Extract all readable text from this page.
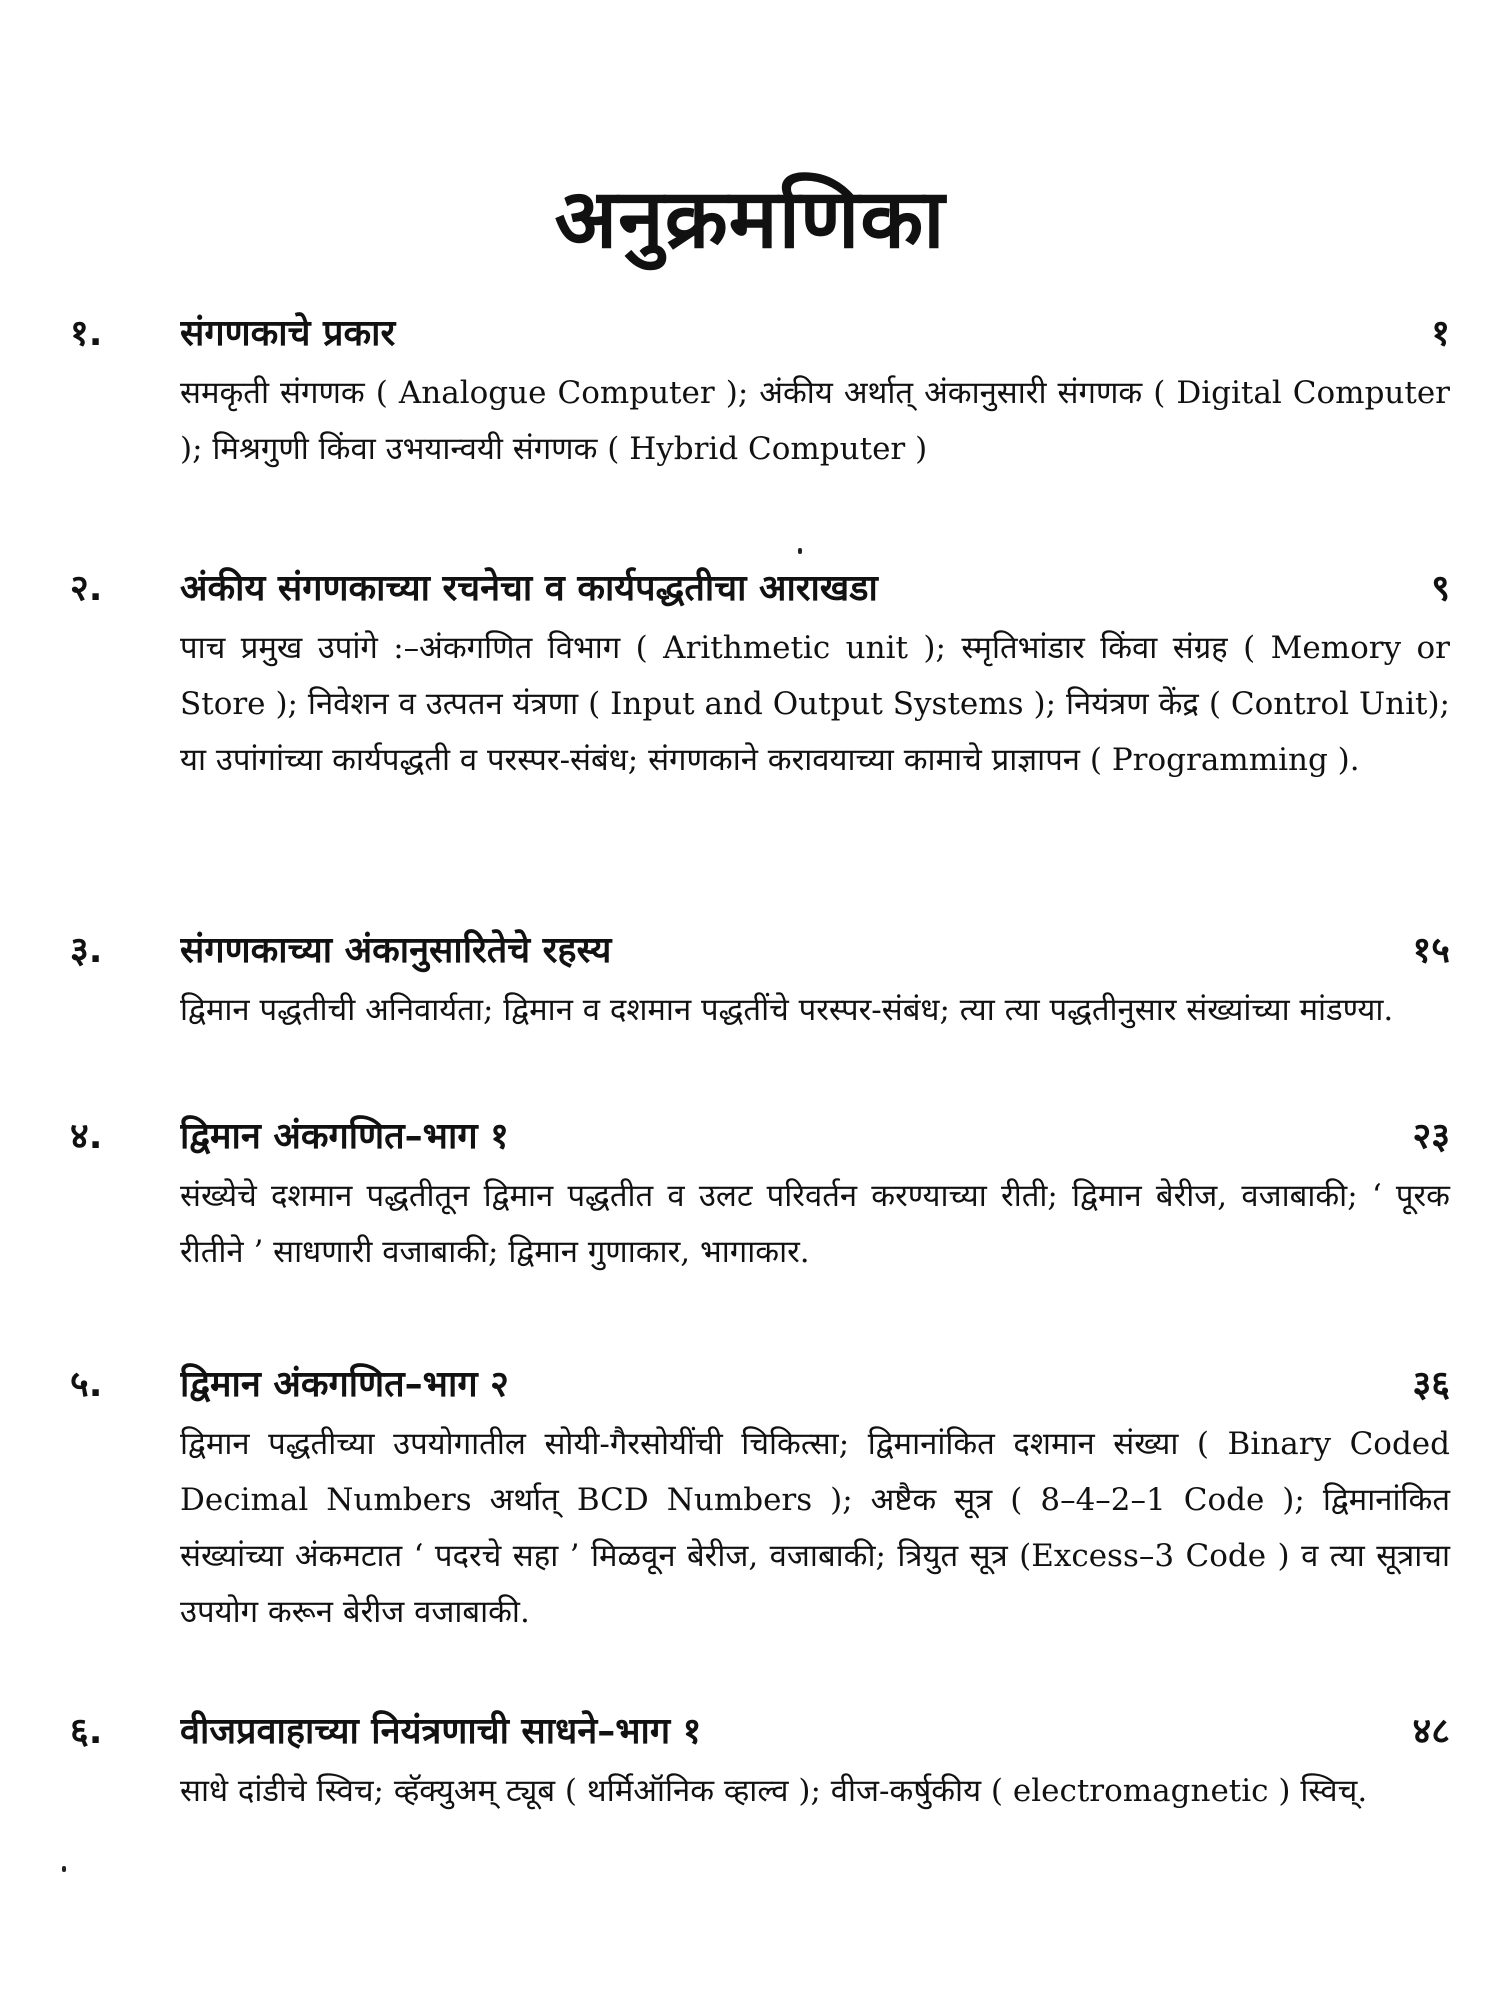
अनुक्रमणिका
१.	संगणकाचे प्रकार	१
समकृती संगणक ( Analogue Computer ); अंकीय अर्थात् अंकानुसारी संगणक ( Digital Computer ); मिश्रगुणी किंवा उभयान्वयी संगणक ( Hybrid Computer )
२.	अंकीय संगणकाच्या रचनेचा व कार्यपद्धतीचा आराखडा	९
पाच प्रमुख उपांगे :–अंकगणित विभाग ( Arithmetic unit ); स्मृतिभांडार किंवा संग्रह ( Memory or Store ); निवेशन व उत्पतन यंत्रणा ( Input and Output Systems ); नियंत्रण केंद्र ( Control Unit); या उपांगांच्या कार्यपद्धती व परस्पर-संबंध; संगणकाने करावयाच्या कामाचे प्राज्ञापन ( Programming ).
३.	संगणकाच्या अंकानुसारितेचे रहस्य	१५
द्विमान पद्धतीची अनिवार्यता; द्विमान व दशमान पद्धतींचे परस्पर-संबंध; त्या त्या पद्धतीनुसार संख्यांच्या मांडण्या.
४.	द्विमान अंकगणित–भाग १	२३
संख्येचे दशमान पद्धतीतून द्विमान पद्धतीत व उलट परिवर्तन करण्याच्या रीती; द्विमान बेरीज, वजाबाकी; ‘ पूरक रीतीने ’ साधणारी वजाबाकी; द्विमान गुणाकार, भागाकार.
५.	द्विमान अंकगणित–भाग २	३६
द्विमान पद्धतीच्या उपयोगातील सोयी-गैरसोयींची चिकित्सा; द्विमानांकित दशमान संख्या ( Binary Coded Decimal Numbers अर्थात् BCD Numbers ); अष्टैक सूत्र ( 8–4–2–1 Code ); द्विमानांकित संख्यांच्या अंकमटात ‘ पदरचे सहा ’ मिळवून बेरीज, वजाबाकी; त्रियुत सूत्र (Excess–3 Code ) व त्या सूत्राचा उपयोग करून बेरीज वजाबाकी.
६.	वीजप्रवाहाच्या नियंत्रणाची साधने–भाग १	४८
साधे दांडीचे स्विच; व्हॅक्युअम् ट्यूब ( थर्मिऑनिक व्हाल्व ); वीज-कर्षुकीय ( electromagnetic ) स्विच्.
